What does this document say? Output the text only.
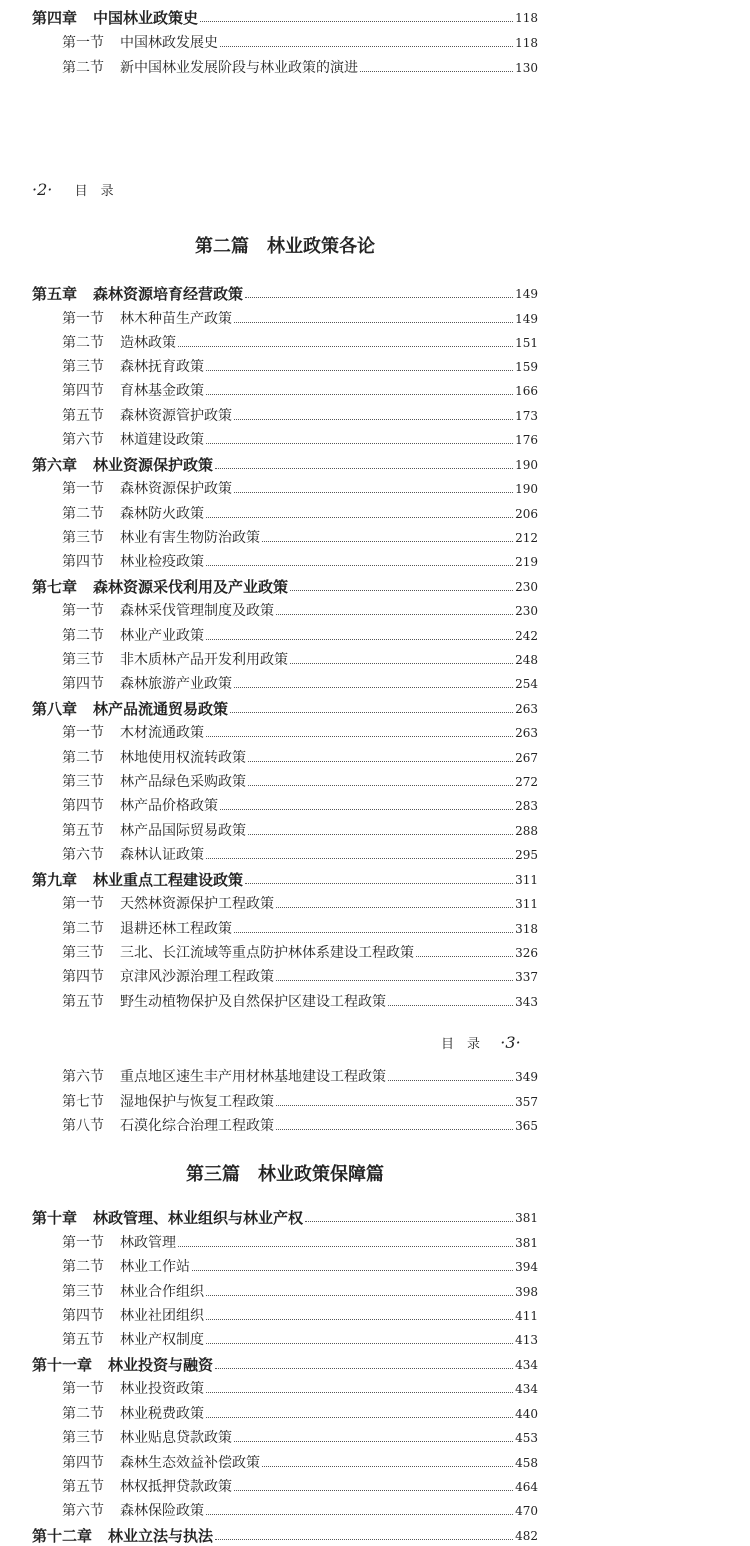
·2· 目　录
目　录 ·3·
第二篇　林业政策各论
第三篇　林业政策保障篇
第四章 中国林业政策史	118
第一节 中国林政发展史	118
第二节 新中国林业发展阶段与林业政策的演进	130
第五章 森林资源培育经营政策	149
第一节 林木种苗生产政策	149
第二节 造林政策	151
第三节 森林抚育政策	159
第四节 育林基金政策	166
第五节 森林资源管护政策	173
第六节 林道建设政策	176
第六章 林业资源保护政策	190
第一节 森林资源保护政策	190
第二节 森林防火政策	206
第三节 林业有害生物防治政策	212
第四节 林业检疫政策	219
第七章 森林资源采伐利用及产业政策	230
第一节 森林采伐管理制度及政策	230
第二节 林业产业政策	242
第三节 非木质林产品开发利用政策	248
第四节 森林旅游产业政策	254
第八章 林产品流通贸易政策	263
第一节 木材流通政策	263
第二节 林地使用权流转政策	267
第三节 林产品绿色采购政策	272
第四节 林产品价格政策	283
第五节 林产品国际贸易政策	288
第六节 森林认证政策	295
第九章 林业重点工程建设政策	311
第一节 天然林资源保护工程政策	311
第二节 退耕还林工程政策	318
第三节 三北、长江流域等重点防护林体系建设工程政策	326
第四节 京津风沙源治理工程政策	337
第五节 野生动植物保护及自然保护区建设工程政策	343
第六节 重点地区速生丰产用材林基地建设工程政策	349
第七节 湿地保护与恢复工程政策	357
第八节 石漠化综合治理工程政策	365
第十章 林政管理、林业组织与林业产权	381
第一节 林政管理	381
第二节 林业工作站	394
第三节 林业合作组织	398
第四节 林业社团组织	411
第五节 林业产权制度	413
第十一章 林业投资与融资	434
第一节 林业投资政策	434
第二节 林业税费政策	440
第三节 林业贴息贷款政策	453
第四节 森林生态效益补偿政策	458
第五节 林权抵押贷款政策	464
第六节 森林保险政策	470
第十二章 林业立法与执法	482
